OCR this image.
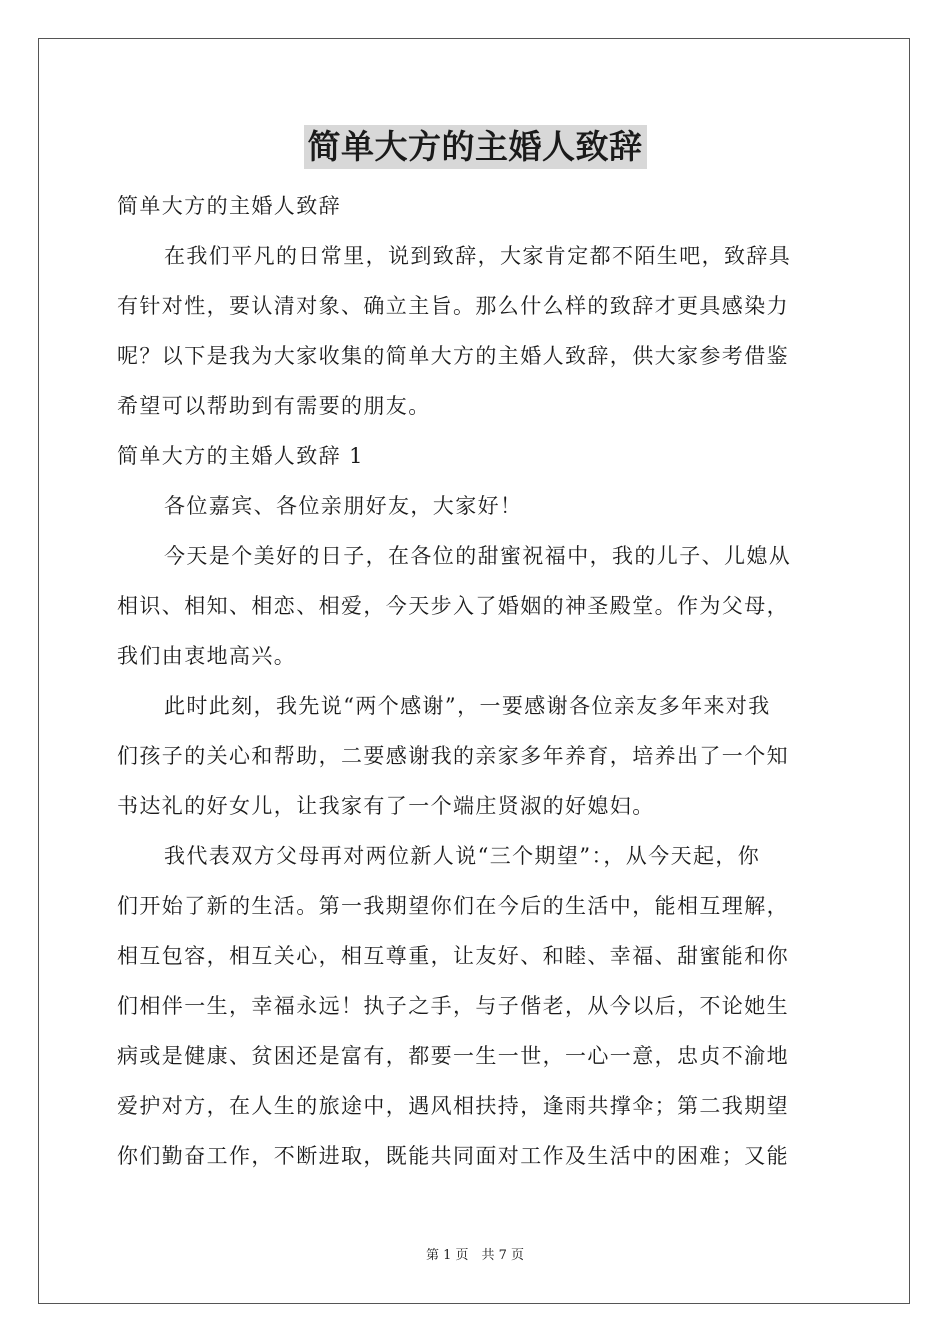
简单大方的主婚人致辞
简单大方的主婚人致辞
在我们平凡的日常里，说到致辞，大家肯定都不陌生吧，致辞具
有针对性，要认清对象、确立主旨。那么什么样的致辞才更具感染力
呢？以下是我为大家收集的简单大方的主婚人致辞，供大家参考借鉴
希望可以帮助到有需要的朋友。
简单大方的主婚人致辞 1
各位嘉宾、各位亲朋好友，大家好！
今天是个美好的日子，在各位的甜蜜祝福中，我的儿子、儿媳从
相识、相知、相恋、相爱，今天步入了婚姻的神圣殿堂。作为父母，
我们由衷地高兴。
此时此刻，我先说“两个感谢”，一要感谢各位亲友多年来对我
们孩子的关心和帮助，二要感谢我的亲家多年养育，培养出了一个知
书达礼的好女儿，让我家有了一个端庄贤淑的好媳妇。
我代表双方父母再对两位新人说“三个期望”：，从今天起，你
们开始了新的生活。第一我期望你们在今后的生活中，能相互理解，
相互包容，相互关心，相互尊重，让友好、和睦、幸福、甜蜜能和你
们相伴一生，幸福永远！执子之手，与子偕老，从今以后，不论她生
病或是健康、贫困还是富有，都要一生一世，一心一意，忠贞不渝地
爱护对方，在人生的旅途中，遇风相扶持，逢雨共撑伞；第二我期望
你们勤奋工作，不断进取，既能共同面对工作及生活中的困难；又能
第 1 页　共 7 页
